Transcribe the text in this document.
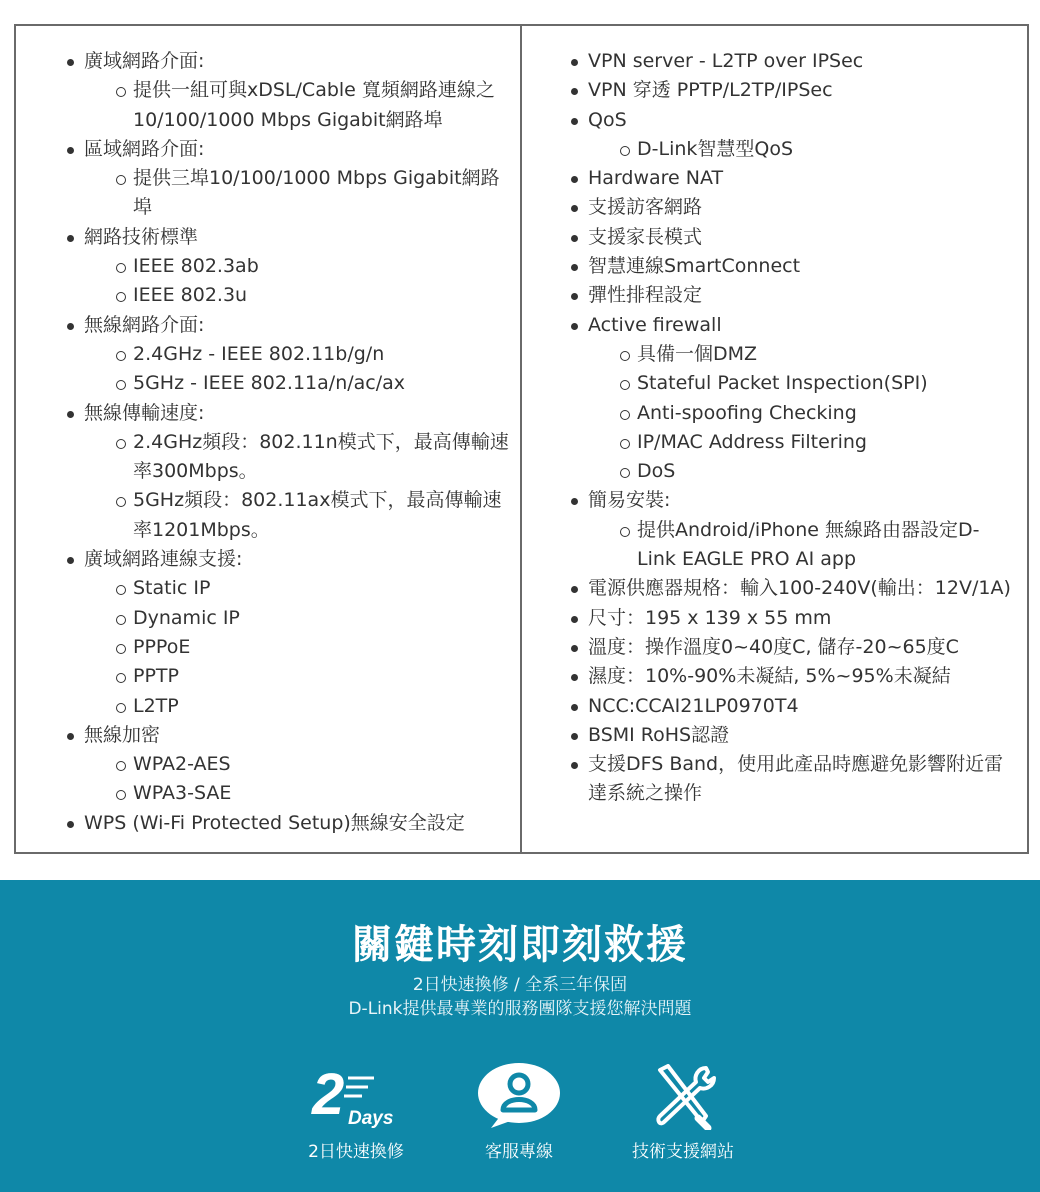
廣域網路介面:
提供一組可與xDSL/Cable 寬頻網路連線之10/100/1000 Mbps Gigabit網路埠
區域網路介面:
提供三埠10/100/1000 Mbps Gigabit網路埠
網路技術標準
IEEE 802.3ab
IEEE 802.3u
無線網路介面:
2.4GHz - IEEE 802.11b/g/n
5GHz - IEEE 802.11a/n/ac/ax
無線傳輸速度:
2.4GHz頻段：802.11n模式下，最高傳輸速率300Mbps。
5GHz頻段：802.11ax模式下，最高傳輸速率1201Mbps。
廣域網路連線支援:
Static IP
Dynamic IP
PPPoE
PPTP
L2TP
無線加密
WPA2-AES
WPA3-SAE
WPS (Wi-Fi Protected Setup)無線安全設定
VPN server - L2TP over IPSec
VPN 穿透 PPTP/L2TP/IPSec
QoS
D-Link智慧型QoS
Hardware NAT
支援訪客網路
支援家長模式
智慧連線SmartConnect
彈性排程設定
Active firewall
具備一個DMZ
Stateful Packet Inspection(SPI)
Anti-spoofing Checking
IP/MAC Address Filtering
DoS
簡易安裝:
提供Android/iPhone 無線路由器設定D-Link EAGLE PRO AI app
電源供應器規格：輸入100-240V(輸出：12V/1A)
尺寸：195 x 139 x 55 mm
溫度：操作溫度0~40度C, 儲存-20~65度C
濕度：10%-90%未凝結, 5%~95%未凝結
NCC:CCAI21LP0970T4
BSMI RoHS認證
支援DFS Band，使用此產品時應避免影響附近雷達系統之操作
關鍵時刻即刻救援
2日快速換修 / 全系三年保固
D-Link提供最專業的服務團隊支援您解決問題
2 Days
2日快速換修	客服專線	技術支援網站
